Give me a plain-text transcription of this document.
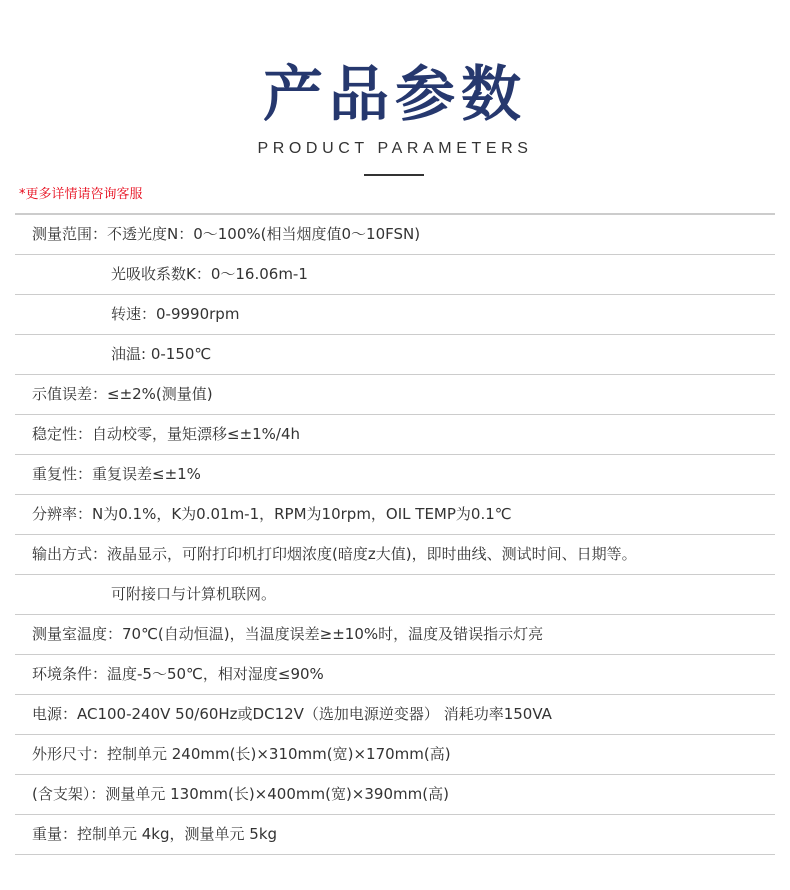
产品参数
PRODUCT PARAMETERS
*更多详情请咨询客服
测量范围：不透光度N：0～100%(相当烟度值0～10FSN)
光吸收系数K：0～16.06m-1
转速：0-9990rpm
油温: 0-150℃
示值误差：≤±2%(测量值)
稳定性：自动校零，量矩漂移≤±1%/4h
重复性：重复误差≤±1%
分辨率：N为0.1%，K为0.01m-1，RPM为10rpm，OIL TEMP为0.1℃
输出方式：液晶显示，可附打印机打印烟浓度(暗度z大值)，即时曲线、测试时间、日期等。
可附接口与计算机联网。
测量室温度：70℃(自动恒温)，当温度误差≥±10%时，温度及错误指示灯亮
环境条件：温度-5～50℃，相对湿度≤90%
电源：AC100-240V 50/60Hz或DC12V（选加电源逆变器） 消耗功率150VA
外形尺寸：控制单元 240mm(长)×310mm(宽)×170mm(高)
(含支架）：测量单元 130mm(长)×400mm(宽)×390mm(高)
重量：控制单元 4kg，测量单元 5kg
